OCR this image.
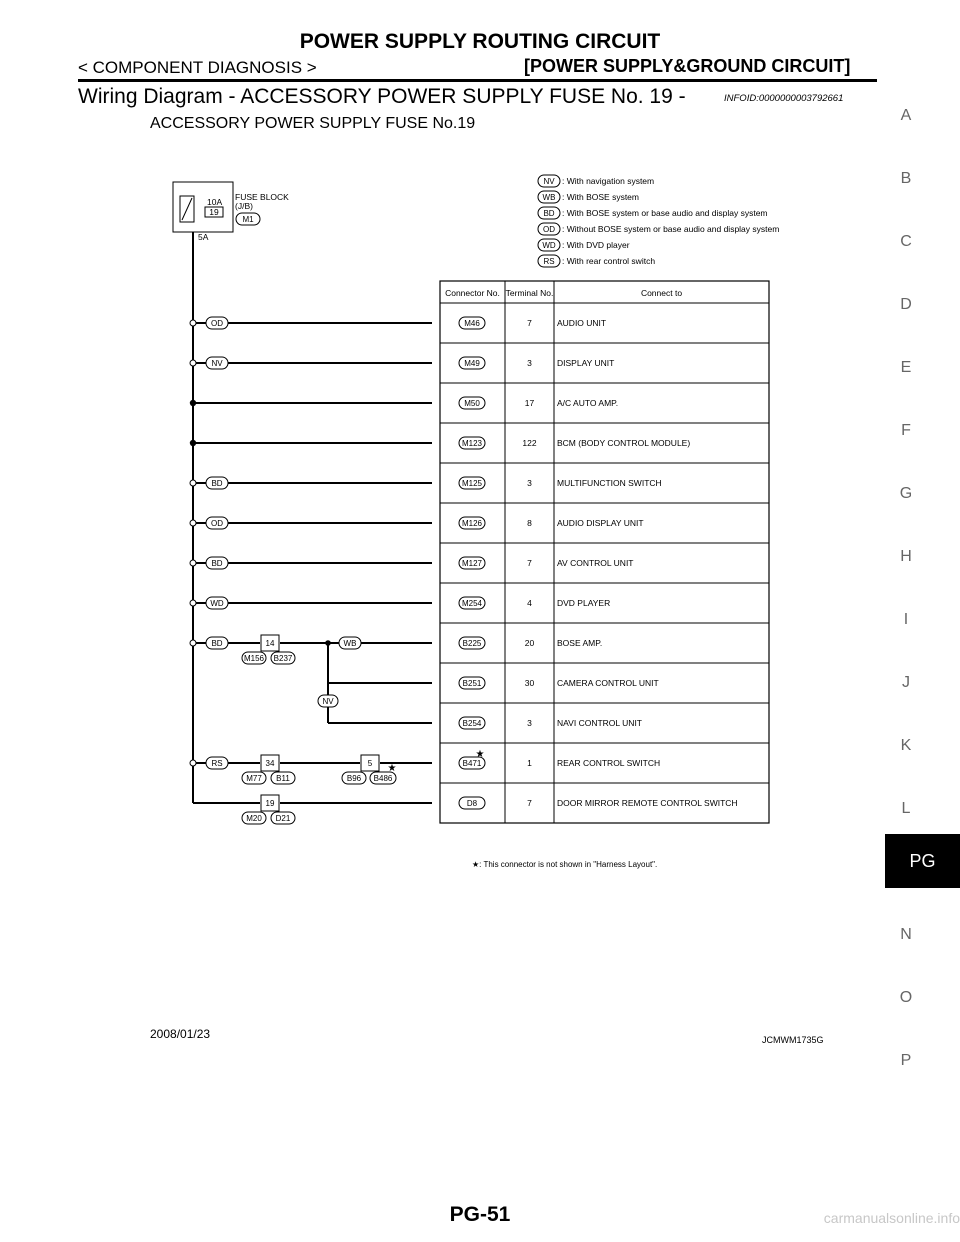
POWER SUPPLY ROUTING CIRCUIT
< COMPONENT DIAGNOSIS >	[POWER SUPPLY&GROUND CIRCUIT]
Wiring Diagram - ACCESSORY POWER SUPPLY FUSE No. 19 -	INFOID:0000000003792661
ACCESSORY POWER SUPPLY FUSE No.19
10A
19
FUSE BLOCK
(J/B)
M1
5A
NV : With navigation system
WB : With BOSE system
BD : With BOSE system or base audio and display system
OD : Without BOSE system or base audio and display system
WD : With DVD player
RS : With rear control switch
Connector No. Terminal No.	Connect to
M46	7	AUDIO UNIT
M49	3	DISPLAY UNIT
M50	17	A/C AUTO AMP.
M123	122 BCM (BODY CONTROL MODULE)
M125	3	MULTIFUNCTION SWITCH
M126	8	AUDIO DISPLAY UNIT
M127	7	AV CONTROL UNIT
M254	4	DVD PLAYER
B225	20	BOSE AMP.
B251	30	CAMERA CONTROL UNIT
B254	3	NAVI CONTROL UNIT
B471	1	REAR CONTROL SWITCH
D8	7	DOOR MIRROR REMOTE CONTROL SWITCH
WB
NV
OD
NV
BD
OD
BD
WD
BD
RS
14
M156 B237
34
M77 B11
5
B96 B486
★
★
19
M20 D21
★: This connector is not shown in "Harness Layout".
2008/01/23	JCMWM1735G
A
B
C
D
E
F
G
H
I
J
K
L
N
O
P
PG
PG-51	carmanualsonline.info
